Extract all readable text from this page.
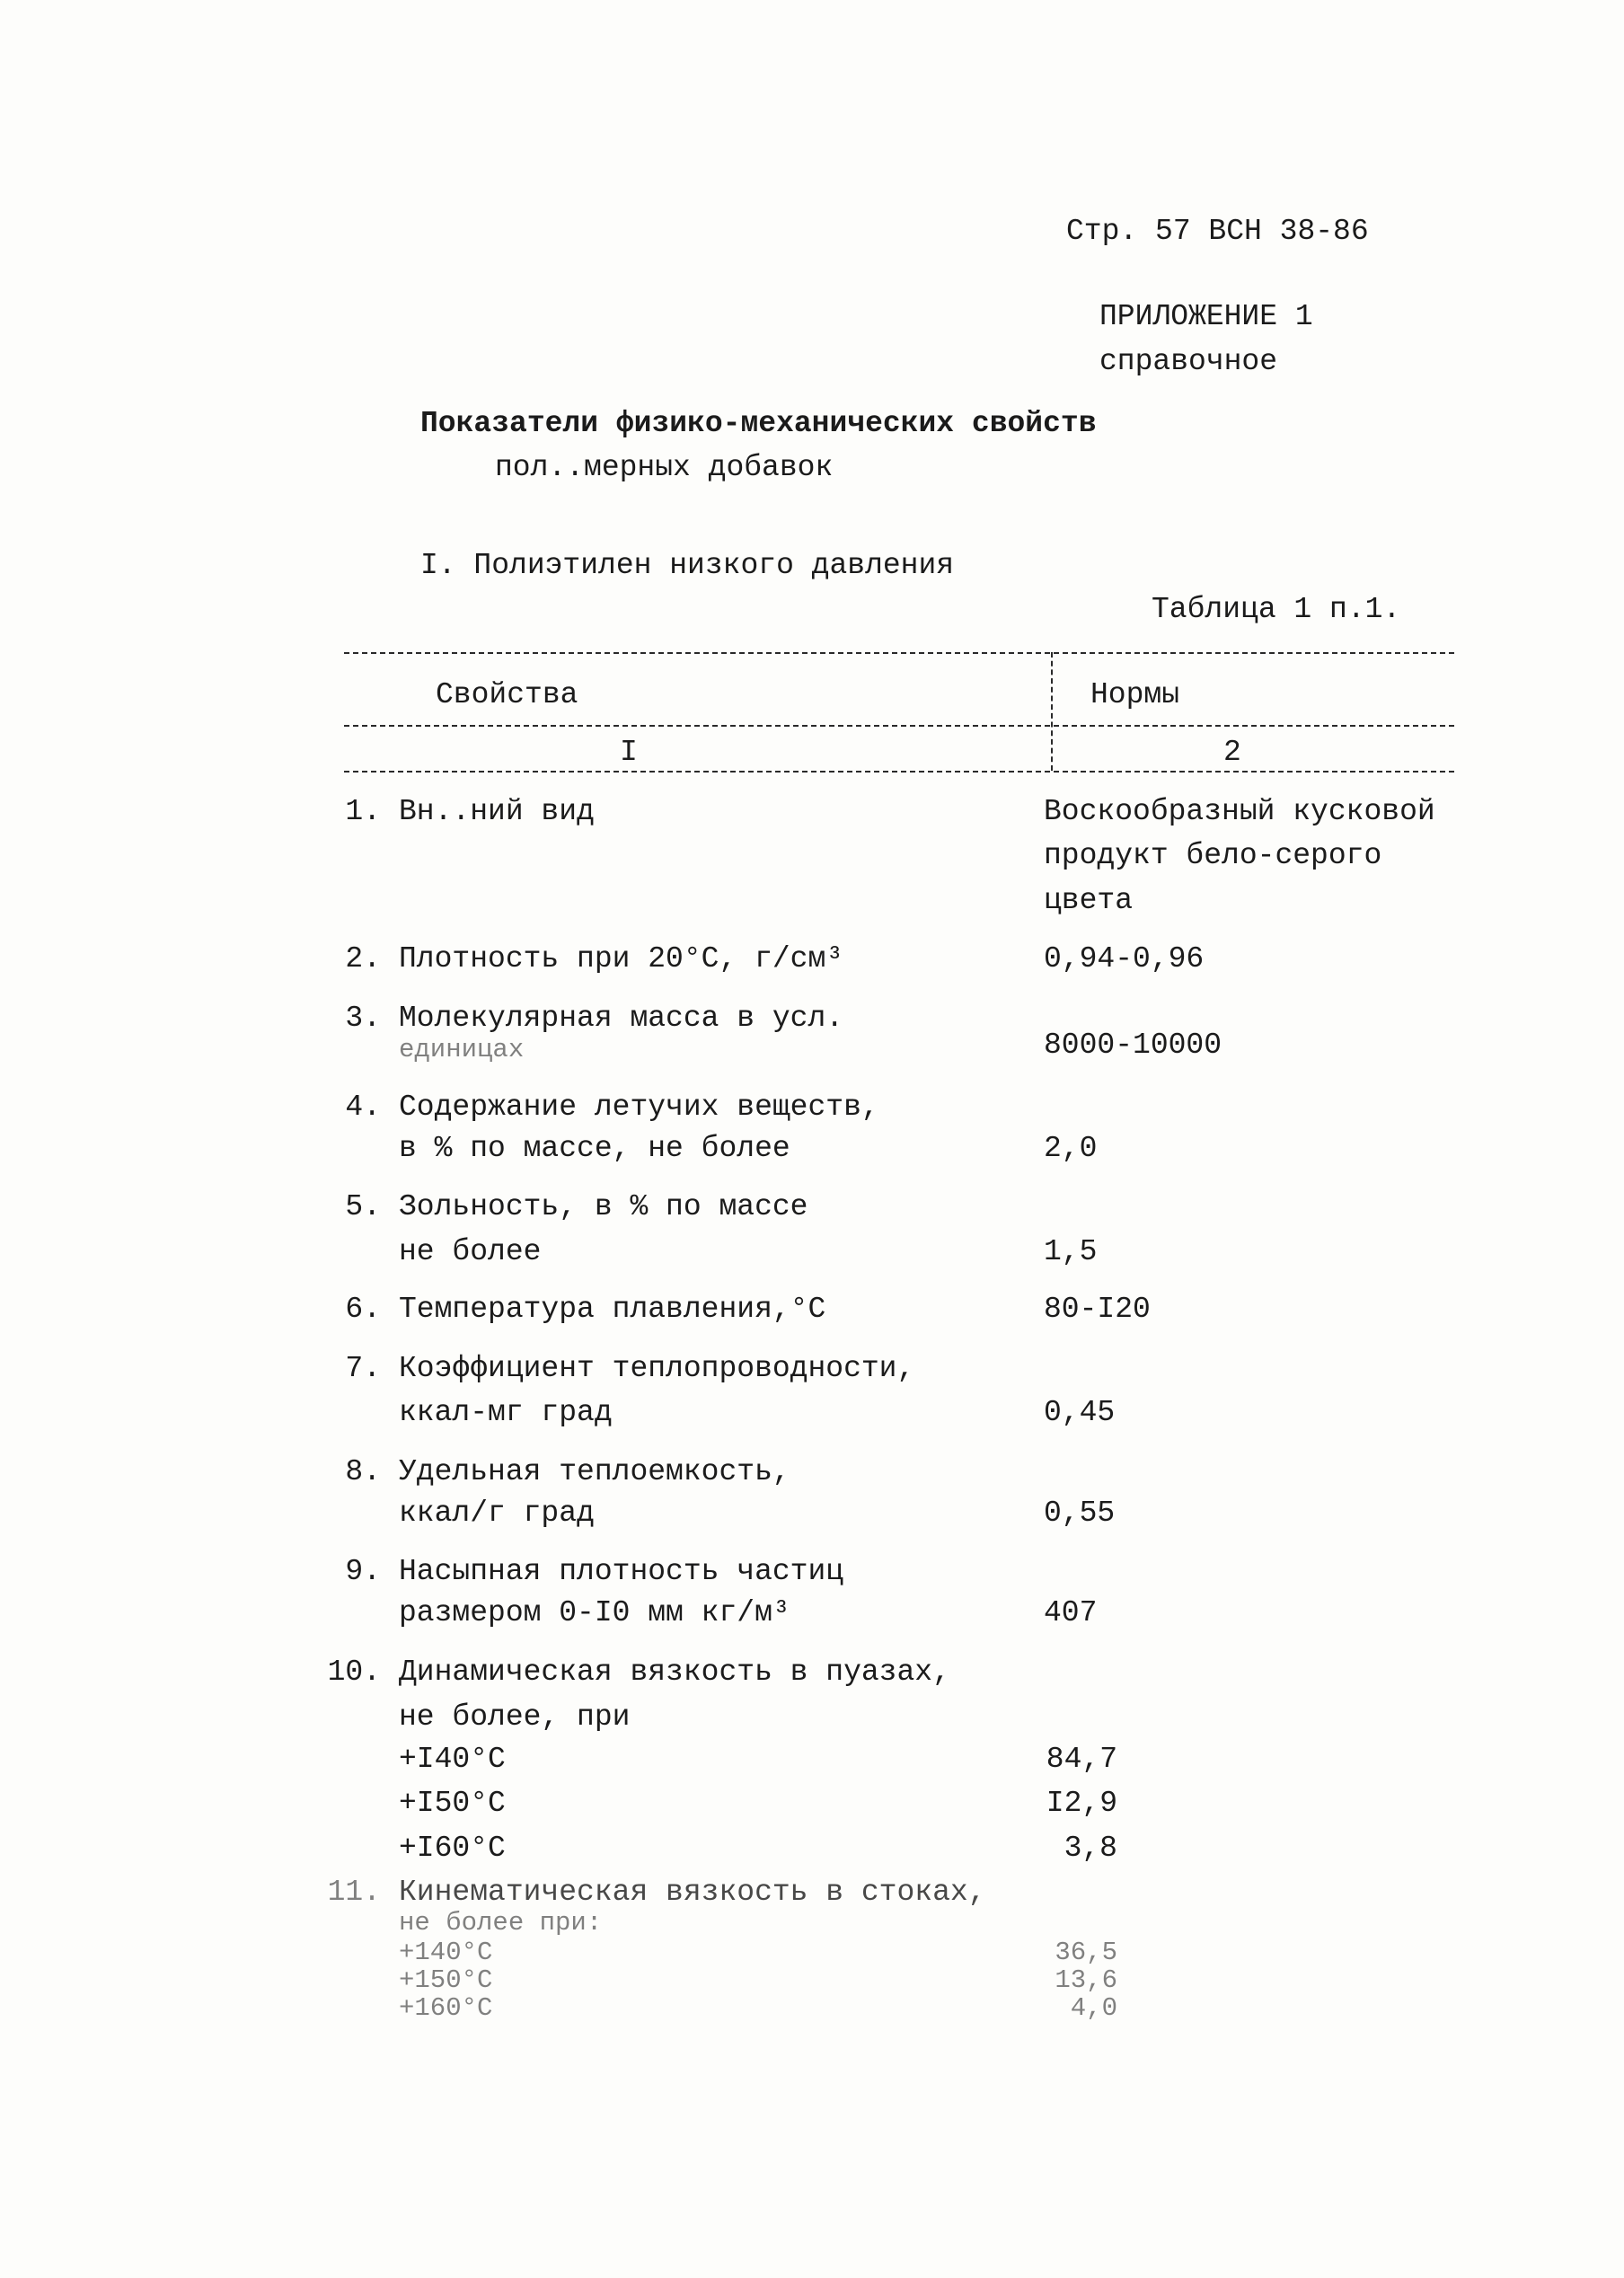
Стр. 57 ВСН 38-86
ПРИЛОЖЕНИЕ 1
справочное
Показатели физико-механических свойств
пол..мерных добавок
I. Полиэтилен низкого давления
Таблица 1 п.1.
Свойства	Нормы
I	2
1. Вн..ний вид	Воскообразный кусковой
продукт бело-серого
цвета
2. Плотность при 20°C, г/см³	0,94-0,96
3. Молекулярная масса в усл.
единицах	8000-10000
4. Содержание летучих веществ,
в % по массе, не более	2,0
5. Зольность, в % по массе
не более	1,5
6. Температура плавления,°C	80-I20
7. Коэффициент теплопроводности,
ккал-мг град	0,45
8. Удельная теплоемкость,
ккал/г град	0,55
9. Насыпная плотность частиц
размером 0-I0 мм кг/м³	407
10. Динамическая вязкость в пуазах,
не более, при
+I40°C	84,7
+I50°C	I2,9
+I60°C	3,8
11. Кинематическая вязкость в стоках,
не более при:
+140°C	36,5
+150°C	13,6
+160°C	4,0
